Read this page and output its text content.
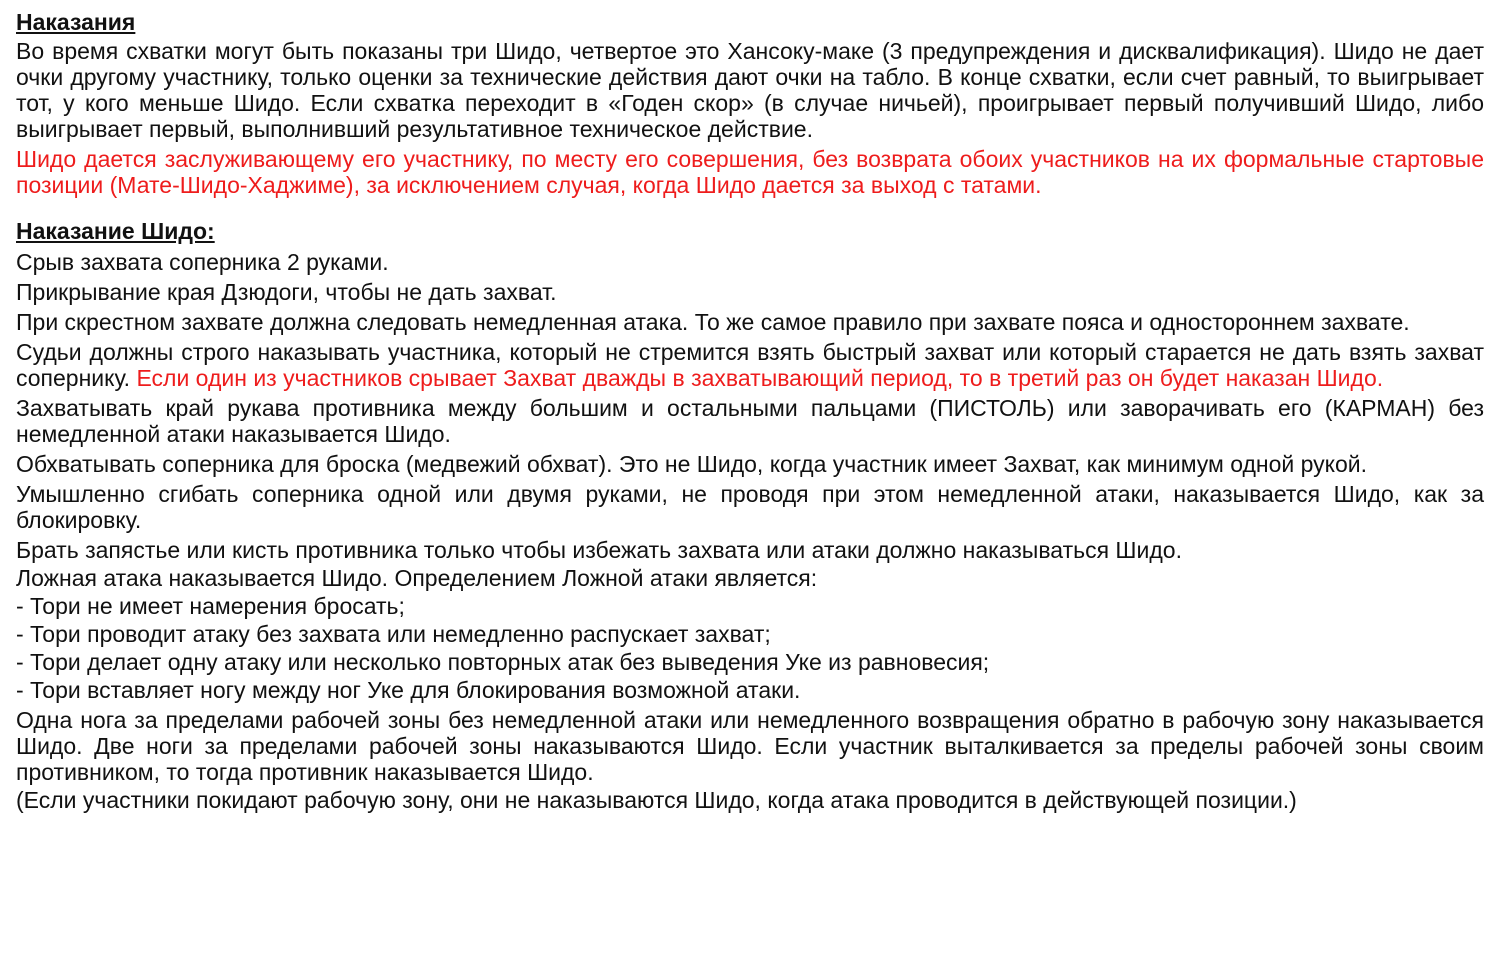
Наказания

Во время схватки могут быть показаны три Шидо, четвертое это Хансоку-маке (3 предупреждения и дисквалификация). Шидо не дает очки другому участнику, только оценки за технические действия дают очки на табло. В конце схватки, если счет равный, то выигрывает тот, у кого меньше Шидо. Если схватка переходит в «Годен скор» (в случае ничьей), проигрывает первый получивший Шидо, либо выигрывает первый, выполнивший результативное техническое действие.

Шидо дается заслуживающему его участнику, по месту его совершения, без возврата обоих участников на их формальные стартовые позиции (Мате-Шидо-Хаджиме), за исключением случая, когда Шидо дается за выход с татами.

Наказание Шидо:

Срыв захвата соперника 2 руками.

Прикрывание края Дзюдоги, чтобы не дать захват.

При скрестном захвате должна следовать немедленная атака. То же самое правило при захвате пояса и одностороннем захвате.

Судьи должны строго наказывать участника, который не стремится взять быстрый захват или который старается не дать взять захват сопернику. Если один из участников срывает Захват дважды в захватывающий период, то в третий раз он будет наказан Шидо.

Захватывать край рукава противника между большим и остальными пальцами (ПИСТОЛЬ) или заворачивать его (КАРМАН) без немедленной атаки наказывается Шидо.

Обхватывать соперника для броска (медвежий обхват). Это не Шидо, когда участник имеет Захват, как минимум одной рукой.

Умышленно сгибать соперника одной или двумя руками, не проводя при этом немедленной атаки, наказывается Шидо, как за блокировку.

Брать запястье или кисть противника только чтобы избежать захвата или атаки должно наказываться Шидо.

Ложная атака наказывается Шидо. Определением Ложной атаки является:

- Тори не имеет намерения бросать;

- Тори проводит атаку без захвата или немедленно распускает захват;

- Тори делает одну атаку или несколько повторных атак без выведения Уке из равновесия;

- Тори вставляет ногу между ног Уке для блокирования возможной атаки.

Одна нога за пределами рабочей зоны без немедленной атаки или немедленного возвращения обратно в рабочую зону наказывается Шидо. Две ноги за пределами рабочей зоны наказываются Шидо. Если участник выталкивается за пределы рабочей зоны своим противником, то тогда противник наказывается Шидо.

(Если участники покидают рабочую зону, они не наказываются Шидо, когда атака проводится в действующей позиции.)
